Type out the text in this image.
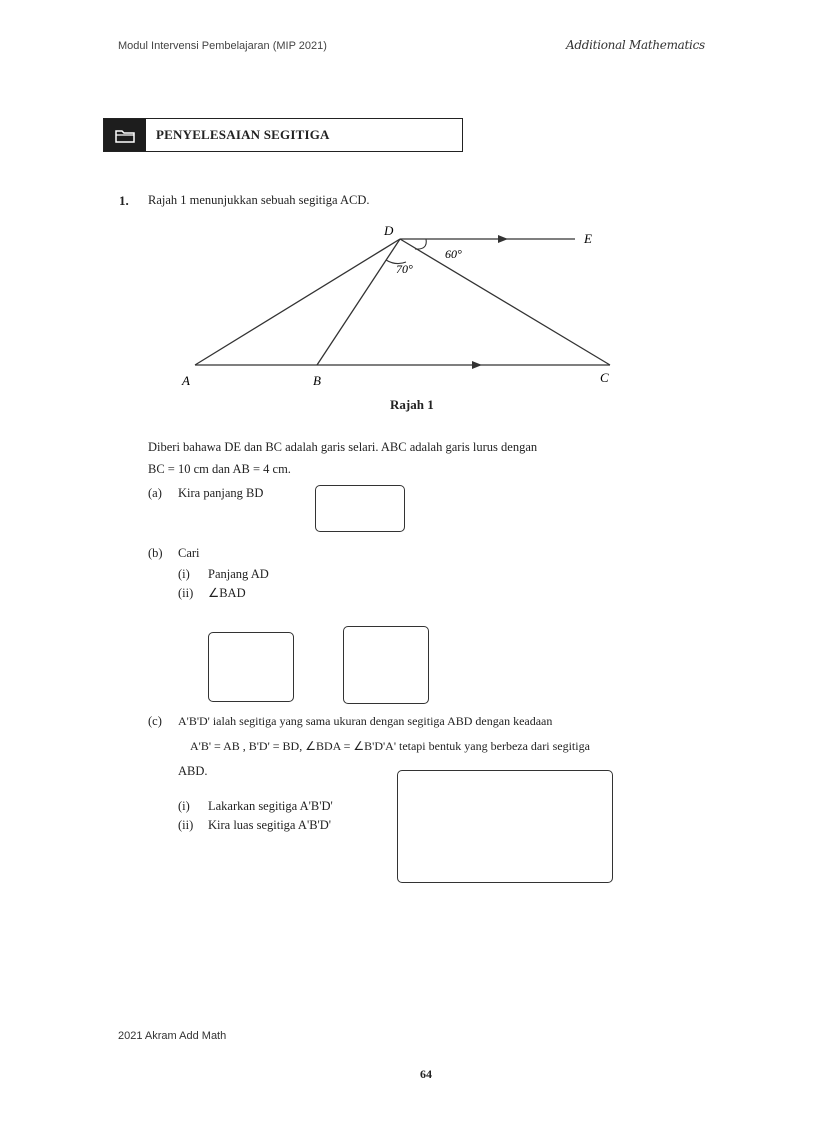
Modul Intervensi Pembelajaran (MIP 2021)	Additional Mathematics
PENYELESAIAN SEGITIGA
1. Rajah 1 menunjukkan sebuah segitiga ACD.
D
E
A	B	C
70°
60°
Rajah 1
Diberi bahawa DE dan BC adalah garis selari. ABC adalah garis lurus dengan
BC = 10 cm dan AB = 4 cm.
(a) Kira panjang BD
(b) Cari
(i) Panjang AD
(ii) ∠BAD
(c) A'B'D' ialah segitiga yang sama ukuran dengan segitiga ABD dengan keadaan
A'B' = AB , B'D' = BD, ∠BDA = ∠B'D'A' tetapi bentuk yang berbeza dari segitiga
ABD.
(i) Lakarkan segitiga A'B'D'
(ii) Kira luas segitiga A'B'D'
2021 Akram Add Math
64
